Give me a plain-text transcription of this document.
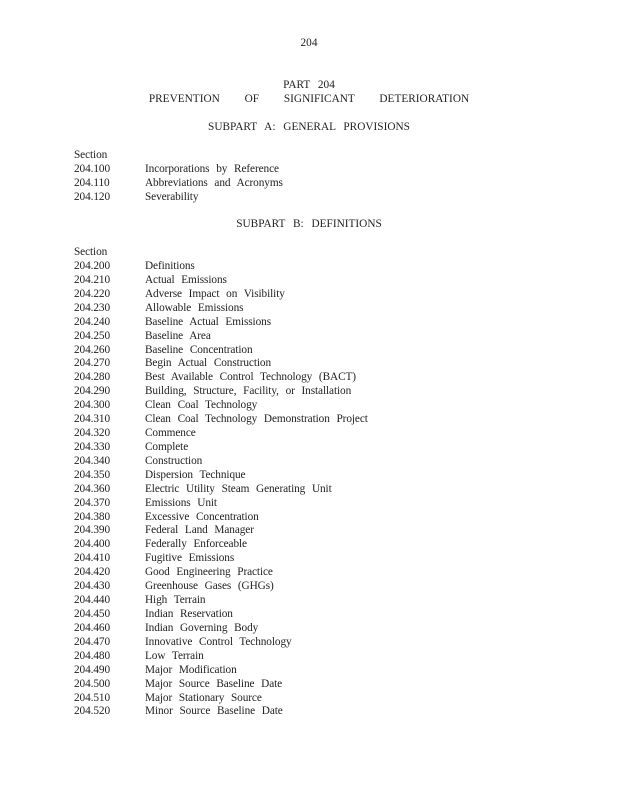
204
PART 204
PREVENTION OF SIGNIFICANT DETERIORATION
SUBPART A: GENERAL PROVISIONS
Section
204.100	Incorporations by Reference
204.110	Abbreviations and Acronyms
204.120	Severability
SUBPART B: DEFINITIONS
Section
204.200	Definitions
204.210	Actual Emissions
204.220	Adverse Impact on Visibility
204.230	Allowable Emissions
204.240	Baseline Actual Emissions
204.250	Baseline Area
204.260	Baseline Concentration
204.270	Begin Actual Construction
204.280	Best Available Control Technology (BACT)
204.290	Building, Structure, Facility, or Installation
204.300	Clean Coal Technology
204.310	Clean Coal Technology Demonstration Project
204.320	Commence
204.330	Complete
204.340	Construction
204.350	Dispersion Technique
204.360	Electric Utility Steam Generating Unit
204.370	Emissions Unit
204.380	Excessive Concentration
204.390	Federal Land Manager
204.400	Federally Enforceable
204.410	Fugitive Emissions
204.420	Good Engineering Practice
204.430	Greenhouse Gases (GHGs)
204.440	High Terrain
204.450	Indian Reservation
204.460	Indian Governing Body
204.470	Innovative Control Technology
204.480	Low Terrain
204.490	Major Modification
204.500	Major Source Baseline Date
204.510	Major Stationary Source
204.520	Minor Source Baseline Date
